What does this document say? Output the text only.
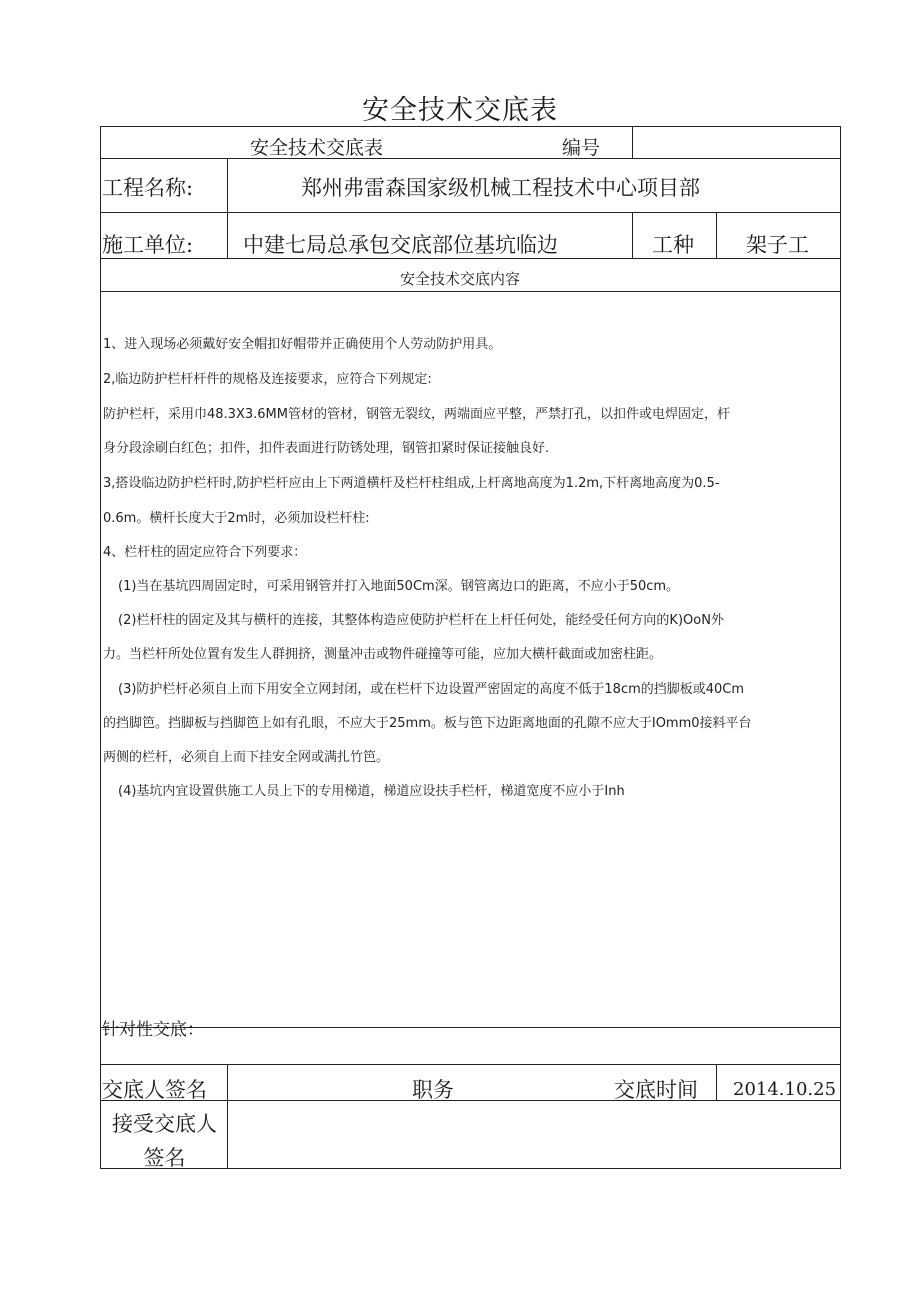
安全技术交底表
安全技术交底表	编号
工程名称:	郑州弗雷森国家级机械工程技术中心项目部
施工单位: 中建七局总承包交底部位基坑临边	工种 架子工
安全技术交底内容
1、进入现场必须戴好安全帽扣好帽带并正确使用个人劳动防护用具。
2,临边防护栏杆杆件的规格及连接要求，应符合下列规定:
防护栏杆，采用巾48.3X3.6MM管材的管材，钢管无裂纹，两端面应平整，严禁打孔，以扣件或电焊固定，杆
身分段涂刷白红色；扣件，扣件表面进行防锈处理，钢管扣紧时保证接触良好.
3,搭设临边防护栏杆时,防护栏杆应由上下两道横杆及栏杆柱组成,上杆离地高度为1.2m,下杆离地高度为0.5-
0.6m。横杆长度大于2m时，必须加设栏杆柱:
4、栏杆柱的固定应符合下列要求：
(1)当在基坑四周固定时，可采用钢管并打入地面50Cm深。钢管离边口的距离，不应小于50cm。
(2)栏杆柱的固定及其与横杆的连接，其整体构造应使防护栏杆在上杆任何处，能经受任何方向的K)OoN外
力。当栏杆所处位置有发生人群拥挤，测量冲击或物件碰撞等可能，应加大横杆截面或加密柱距。
(3)防护栏杆必须自上而下用安全立网封闭，或在栏杆下边设置严密固定的高度不低于18cm的挡脚板或40Cm
的挡脚笆。挡脚板与挡脚笆上如有孔眼，不应大于25mm。板与笆下边距离地面的孔隙不应大于IOmm0接料平台
两侧的栏杆，必须自上而下挂安全网或满扎竹笆。
(4)基坑内宜设置供施工人员上下的专用梯道，梯道应设扶手栏杆，梯道宽度不应小于Inh
针对性交底：
交底人签名	职务	交底时间 2014.10.25
接受交底人
签名
